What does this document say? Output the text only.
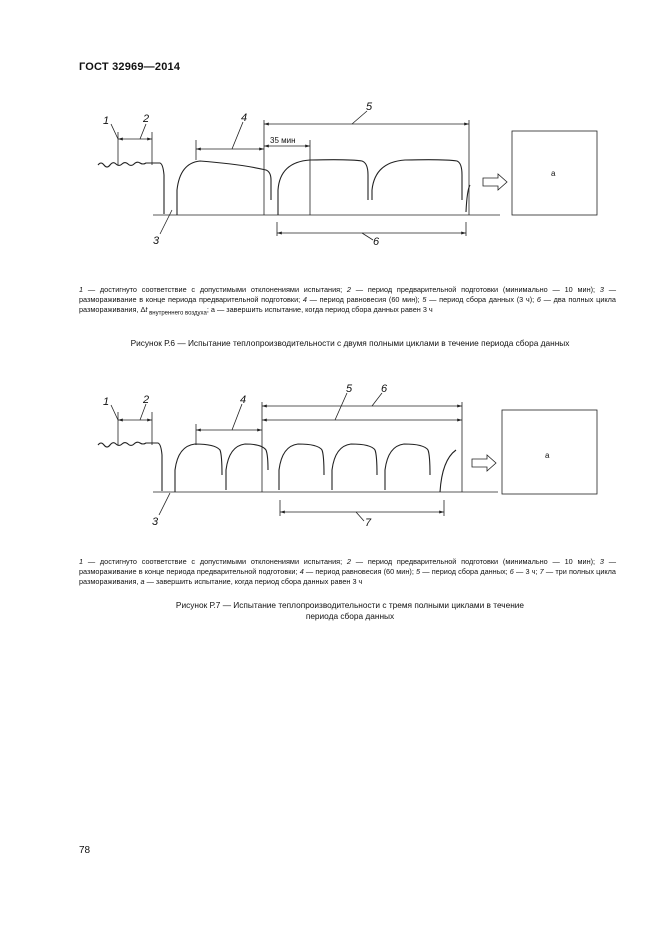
ГОСТ 32969—2014
1	2	4
5
3	6
35 мин
a
1 — достигнуто соответствие с допустимыми отклонениями испытания; 2 — период предварительной подготовки (минимально — 10 мин); 3 — размораживание в конце периода предварительной подготовки; 4 — период равновесия (60 мин); 5 — период сбора данных (3 ч); 6 — два полных цикла размораживания, Δt $_{внутреннего воздуха}$; а — завершить испытание, когда период сбора данных равен 3 ч
Рисунок Р.6 — Испытание теплопроизводительности с двумя полными циклами в течение периода сбора данных
1	2	4
5	6
3	7
a
1 — достигнуто соответствие с допустимыми отклонениями испытания; 2 — период предварительной подготовки (минимально — 10 мин); 3 — размораживание в конце периода предварительной подготовки; 4 — период равновесия (60 мин); 5 — период сбора данных; 6 — 3 ч; 7 — три полных цикла размораживания, а — завершить испытание, когда период сбора данных равен 3 ч
Рисунок Р.7 — Испытание теплопроизводительности с тремя полными циклами в течение
периода сбора данных
78
